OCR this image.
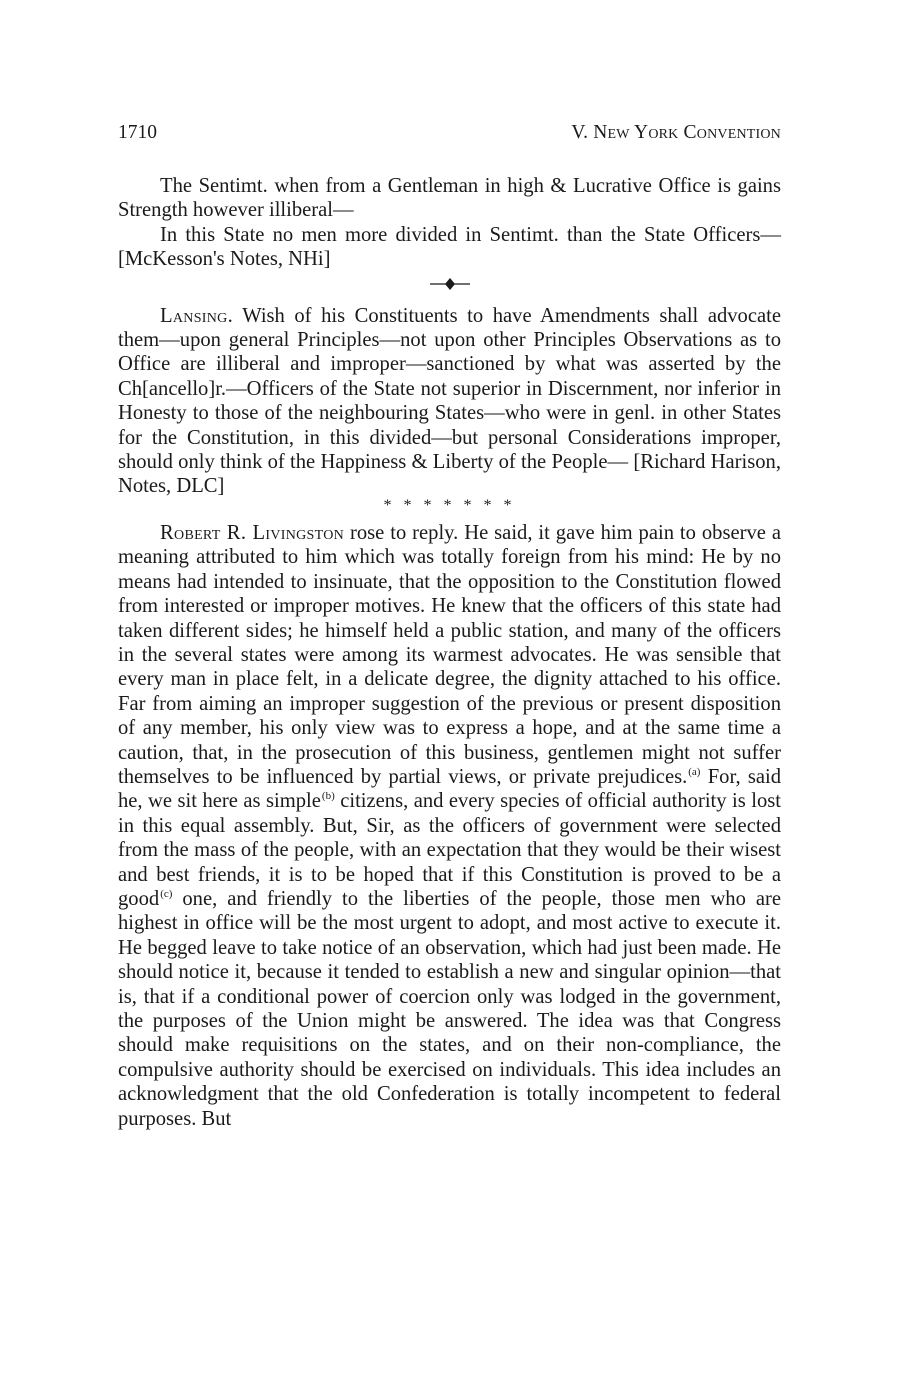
1710	V. New York Convention

The Sentimt. when from a Gentleman in high & Lucrative Office is gains Strength however illiberal—

In this State no men more divided in Sentimt. than the State Officers— [McKesson's Notes, NHi]

Lansing. Wish of his Constituents to have Amendments shall advocate them—upon general Principles—not upon other Principles Observations as to Office are illiberal and improper—sanctioned by what was asserted by the Ch[ancello]r.—Officers of the State not superior in Discernment, nor inferior in Honesty to those of the neighbouring States—who were in genl. in other States for the Constitution, in this divided—but personal Considerations improper, should only think of the Happiness & Liberty of the People— [Richard Harison, Notes, DLC]

* * * * * * *

Robert R. Livingston rose to reply. He said, it gave him pain to observe a meaning attributed to him which was totally foreign from his mind: He by no means had intended to insinuate, that the opposition to the Constitution flowed from interested or improper motives. He knew that the officers of this state had taken different sides; he himself held a public station, and many of the officers in the several states were among its warmest advocates. He was sensible that every man in place felt, in a delicate degree, the dignity attached to his office. Far from aiming an improper suggestion of the previous or present disposition of any member, his only view was to express a hope, and at the same time a caution, that, in the prosecution of this business, gentlemen might not suffer themselves to be influenced by partial views, or private prejudices.$^{(a)}$ For, said he, we sit here as simple$^{(b)}$ citizens, and every species of official authority is lost in this equal assembly. But, Sir, as the officers of government were selected from the mass of the people, with an expectation that they would be their wisest and best friends, it is to be hoped that if this Constitution is proved to be a good$^{(c)}$ one, and friendly to the liberties of the people, those men who are highest in office will be the most urgent to adopt, and most active to execute it. He begged leave to take notice of an observation, which had just been made. He should notice it, because it tended to establish a new and singular opinion—that is, that if a conditional power of coercion only was lodged in the government, the purposes of the Union might be answered. The idea was that Congress should make requisitions on the states, and on their non-compliance, the compulsive authority should be exercised on individuals. This idea includes an acknowledgment that the old Confederation is totally incompetent to federal purposes. But
